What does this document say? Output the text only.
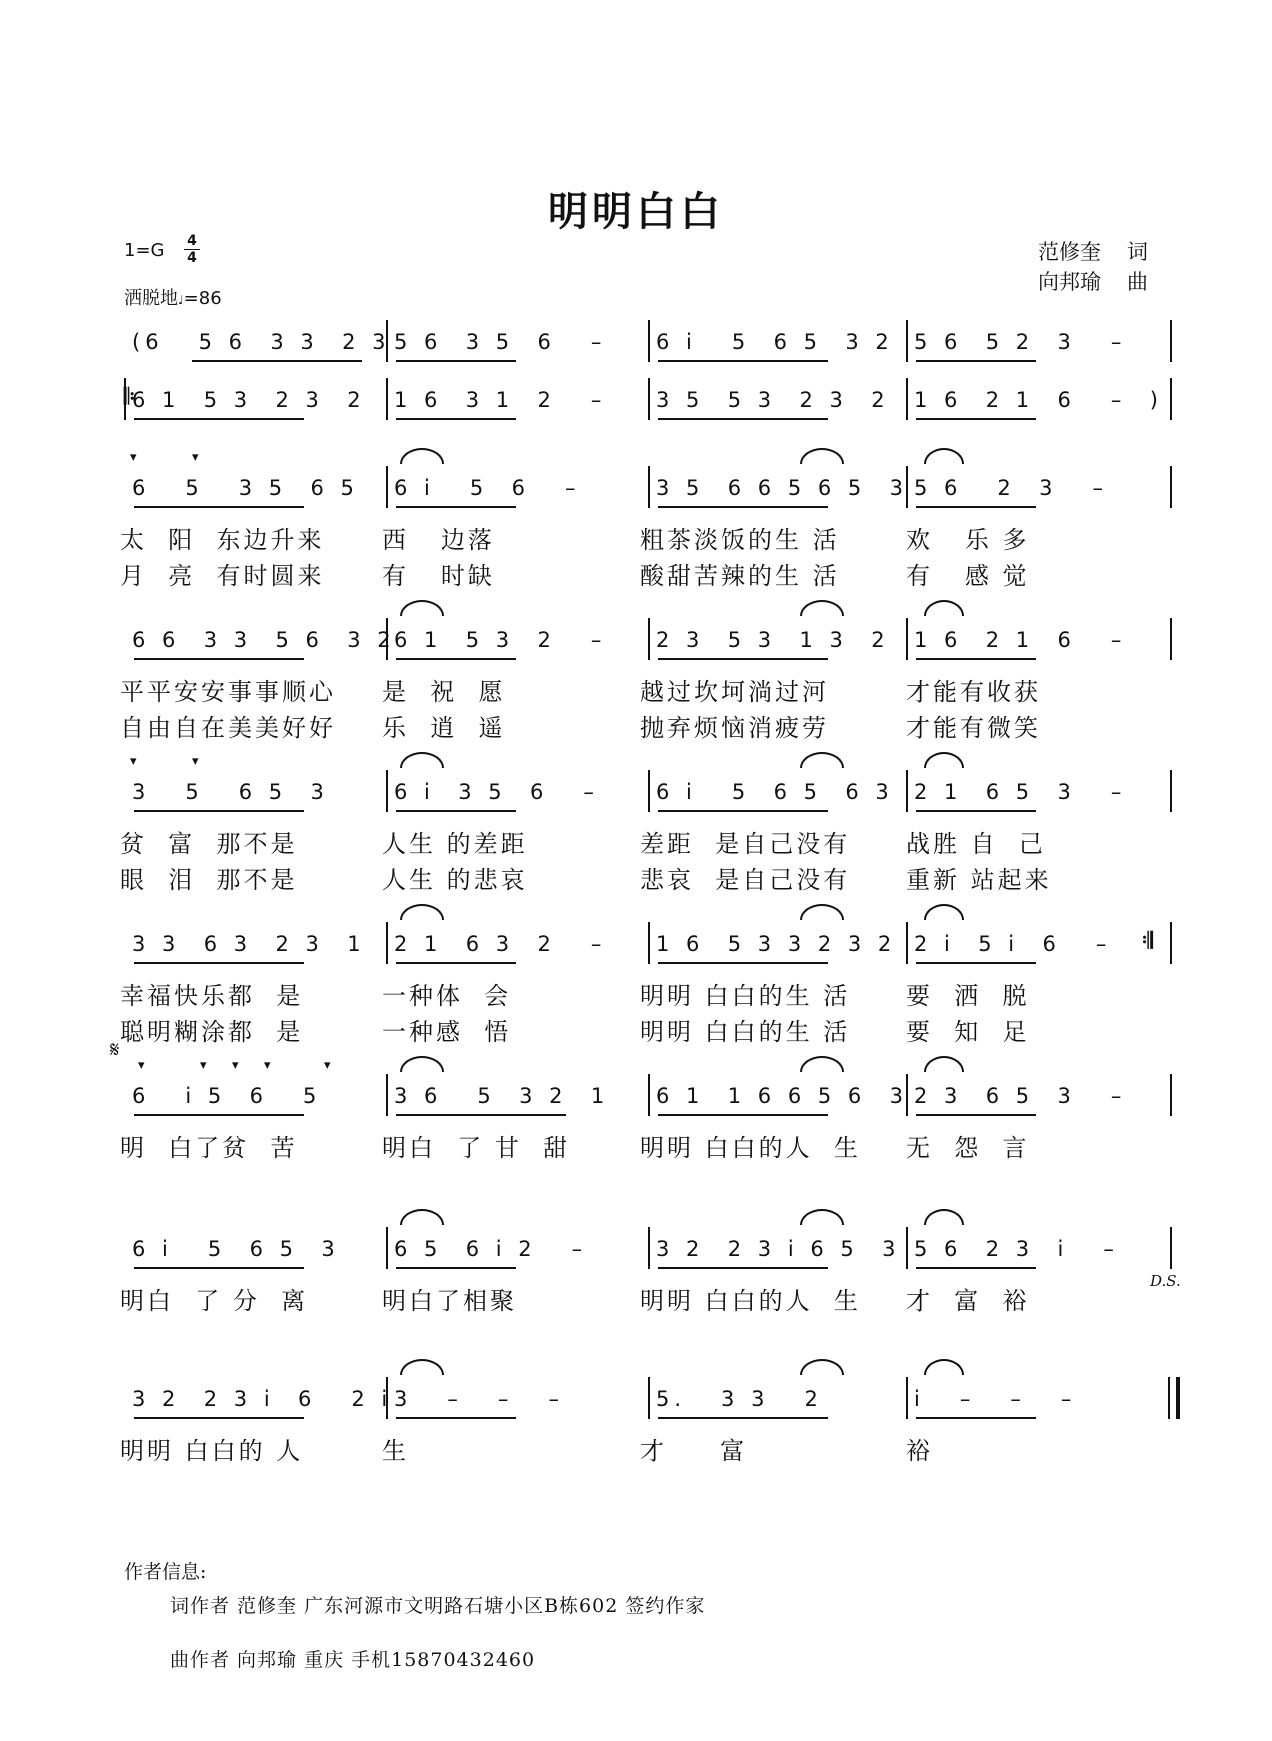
明明白白
1=G 4
4
洒脱地♩=86
范修奎 词
向邦瑜 曲
(6   5 6  3 3  2 3 5 6  3 5  6   – 6 i   5  6 5  3 2 5 6  5 2  3   –
6 1  5 3  2 3  2 1 6  3 1  2   – 3 5  5 3  2 3  2 1 6  2 1  6   –  )
6   5   3 5  6 5 6 i   5  6   –	3 5  6 6 5 6 5  3 5 6   2  3   –
太  阳  东边升来 西   边落	粗茶淡饭的生 活	欢   乐 多
月  亮  有时圆来 有   时缺	酸甜苦辣的生 活	有   感 觉
6 6  3 3  5 6  3 2
6 1  5 3  2   – 2 3  5 3  1 3  2 1 6  2 1  6   –
平平安安事事顺心 是  祝  愿	越过坎坷淌过河	才能有收获
自由自在美美好好 乐  逍  遥	抛弃烦恼消疲劳	才能有微笑
3   5   6 5  3	6 i  3 5  6   –	6 i   5  6 5  6 3 2 1  6 5  3   –
贫  富  那不是	人生 的差距	差距  是自己没有 战胜 自  己
眼  泪  那不是	人生 的悲哀	悲哀  是自己没有 重新 站起来
3 3  6 3  2 3  1 2 1  6 3  2   – 1 6  5 3 3 2 3 2 2 i  5 i  6   –
幸福快乐都  是	一种体  会	明明 白白的生 活 要  洒  脱
聪明糊涂都  是	一种感  悟	明明 白白的生 活 要  知  足
6   i 5  6   5	3 6   5  3 2  1 6 1  1 6 6 5 6  3 2 3  6 5  3   –
明  白了贫  苦	明白  了 甘  甜	明明 白白的人  生 无  怨  言
6 i   5  6 5  3	6 5  6 i 2   –	3 2  2 3 i 6 5  3 5 6  2 3  i   –
明白  了 分  离	明白了相聚	明明 白白的人  生 才  富  裕
3 2  2 3 i  6   2 i 3   –   –   –	5.   3 3   2	i   –   –   –
明明 白白的 人	生	才     富	裕
𝄆
𝄇
𝄋
D.S.
▾	▾
▾	▾
▾	▾ ▾ ▾	▾
作者信息:
词作者 范修奎 广东河源市文明路石塘小区B栋602 签约作家
曲作者 向邦瑜 重庆 手机15870432460
